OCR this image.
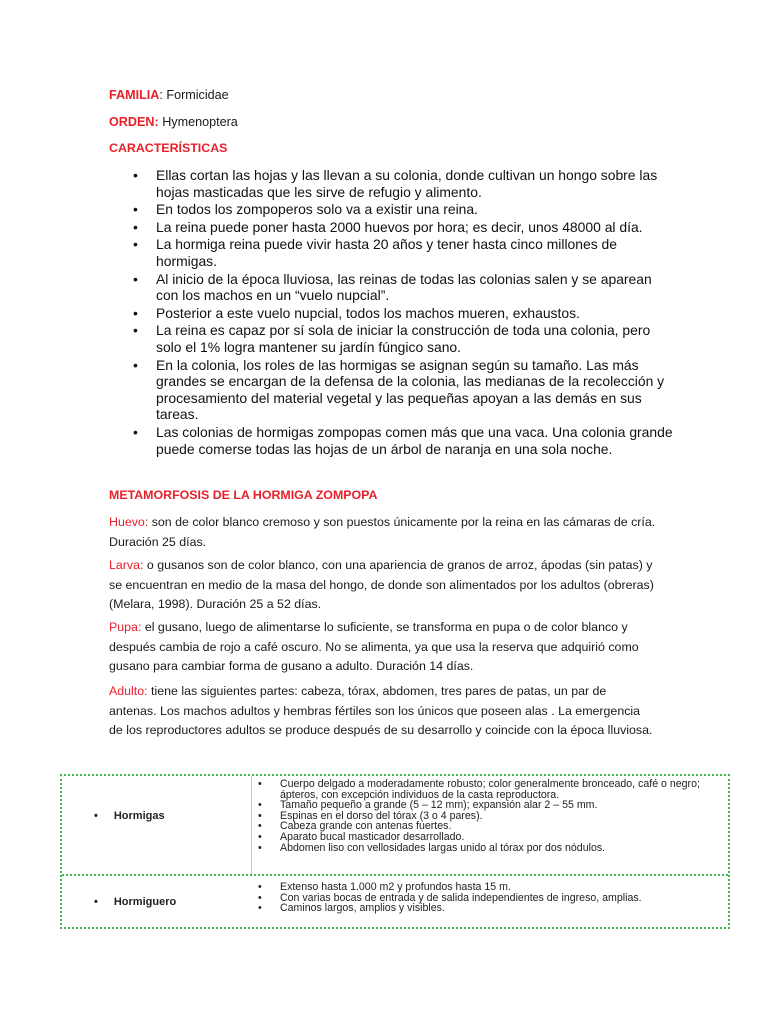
FAMILIA: Formicidae
ORDEN: Hymenoptera
CARACTERÍSTICAS
• Ellas cortan las hojas y las llevan a su colonia, donde cultivan un hongo sobre las hojas masticadas que les sirve de refugio y alimento.
• En todos los zompoperos solo va a existir una reina.
• La reina puede poner hasta 2000 huevos por hora; es decir, unos 48000 al día.
• La hormiga reina puede vivir hasta 20 años y tener hasta cinco millones de hormigas.
• Al inicio de la época lluviosa, las reinas de todas las colonias salen y se aparean con los machos en un “vuelo nupcial”.
• Posterior a este vuelo nupcial, todos los machos mueren, exhaustos.
• La reina es capaz por sí sola de iniciar la construcción de toda una colonia, pero solo el 1% logra mantener su jardín fúngico sano.
• En la colonia, los roles de las hormigas se asignan según su tamaño. Las más grandes se encargan de la defensa de la colonia, las medianas de la recolección y procesamiento del material vegetal y las pequeñas apoyan a las demás en sus tareas.
• Las colonias de hormigas zompopas comen más que una vaca. Una colonia grande puede comerse todas las hojas de un árbol de naranja en una sola noche.
METAMORFOSIS DE LA HORMIGA ZOMPOPA
Huevo: son de color blanco cremoso y son puestos únicamente por la reina en las cámaras de cría. Duración 25 días.
Larva: o gusanos son de color blanco, con una apariencia de granos de arroz, ápodas (sin patas) y se encuentran en medio de la masa del hongo, de donde son alimentados por los adultos (obreras) (Melara, 1998). Duración 25 a 52 días.
Pupa: el gusano, luego de alimentarse lo suficiente, se transforma en pupa o de color blanco y después cambia de rojo a café oscuro. No se alimenta, ya que usa la reserva que adquirió como gusano para cambiar forma de gusano a adulto. Duración 14 días.
Adulto: tiene las siguientes partes: cabeza, tórax, abdomen, tres pares de patas, un par de antenas. Los machos adultos y hembras fértiles son los únicos que poseen alas . La emergencia de los reproductores adultos se produce después de su desarrollo y coincide con la época lluviosa.
• Hormigas
• Cuerpo delgado a moderadamente robusto; color generalmente bronceado, café o negro; ápteros, con excepción individuos de la casta reproductora.
• Tamaño pequeño a grande (5 – 12 mm); expansión alar 2 – 55 mm.
• Espinas en el dorso del tórax (3 o 4 pares).
• Cabeza grande con antenas fuertes.
• Aparato bucal masticador desarrollado.
• Abdomen liso con vellosidades largas unido al tórax por dos nódulos.
• Hormiguero
• Extenso hasta 1.000 m2 y profundos hasta 15 m.
• Con varias bocas de entrada y de salida independientes de ingreso, amplias.
• Caminos largos, amplios y visibles.
